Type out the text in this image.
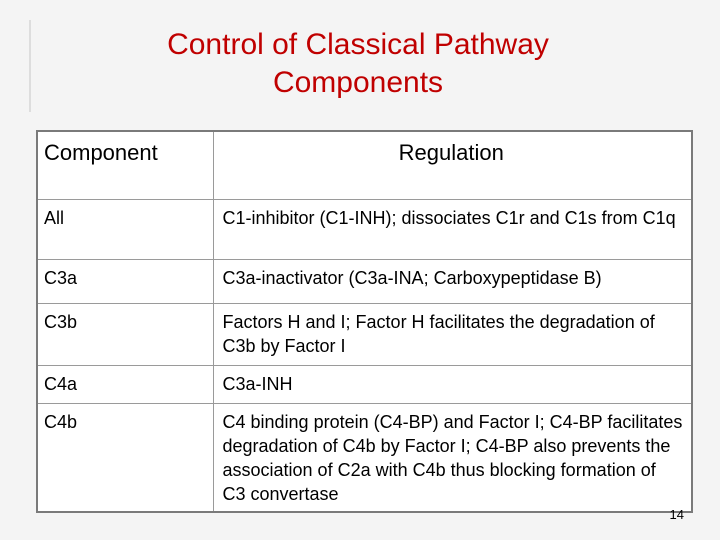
Control of Classical Pathway
Components
Component	Regulation
All	C1-inhibitor (C1-INH); dissociates C1r and C1s from C1q
C3a	C3a-inactivator (C3a-INA; Carboxypeptidase B)
C3b	Factors H and I; Factor H facilitates the degradation of C3b by Factor I
C4a	C3a-INH
C4b	C4 binding protein (C4-BP) and Factor I; C4-BP facilitates degradation of C4b by Factor I; C4-BP also prevents the association of C2a with C4b thus blocking formation of C3 convertase
14
